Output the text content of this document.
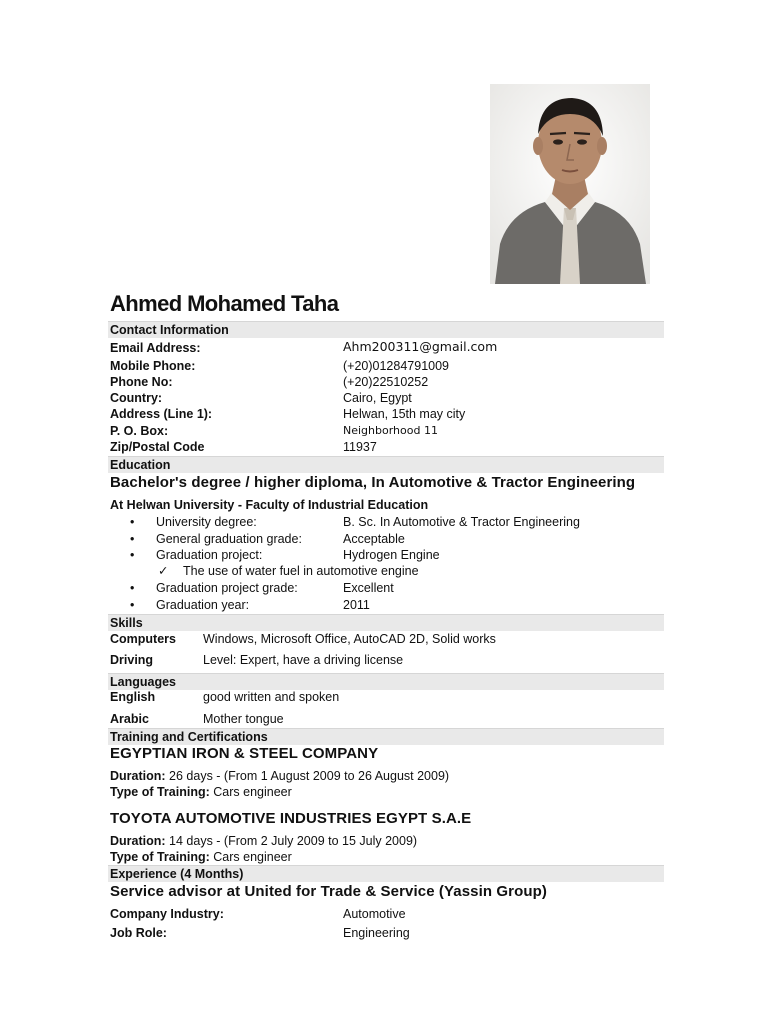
Ahmed Mohamed Taha
Contact Information
Email Address:	Ahm200311@gmail.com
Mobile Phone:	(+20)01284791009
Phone No:	(+20)22510252
Country:	Cairo, Egypt
Address (Line 1):	Helwan, 15th may city
P. O. Box:	Neighborhood 11
Zip/Postal Code	11937
Education
Bachelor's degree / higher diploma, In Automotive & Tractor Engineering
At Helwan University - Faculty of Industrial Education
• University degree:	B. Sc. In Automotive & Tractor Engineering
• General graduation grade:	Acceptable
• Graduation project:	Hydrogen Engine
✓ The use of water fuel in automotive engine
• Graduation project grade:	Excellent
• Graduation year:	2011
Skills
Computers Windows, Microsoft Office, AutoCAD 2D, Solid works
Driving	Level: Expert, have a driving license
Languages
English	good written and spoken
Arabic	Mother tongue
Training and Certifications
EGYPTIAN IRON & STEEL COMPANY
Duration: 26 days - (From 1 August 2009 to 26 August 2009)
Type of Training: Cars engineer
TOYOTA AUTOMOTIVE INDUSTRIES EGYPT S.A.E
Duration: 14 days - (From 2 July 2009 to 15 July 2009)
Type of Training: Cars engineer
Experience (4 Months)
Service advisor at United for Trade & Service (Yassin Group)
Company Industry:	Automotive
Job Role:	Engineering
